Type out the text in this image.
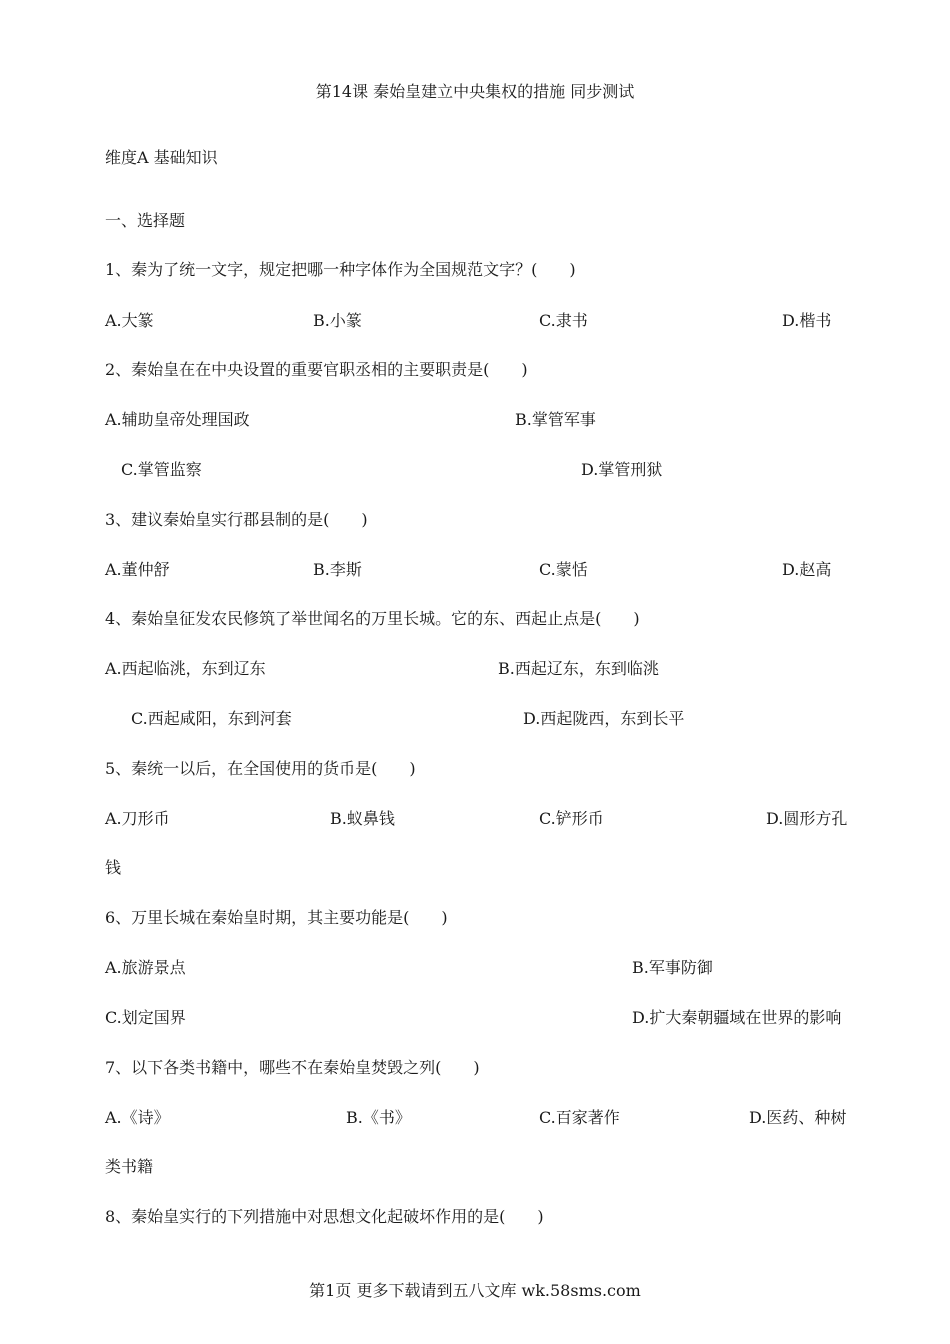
第14课 秦始皇建立中央集权的措施 同步测试
维度A 基础知识
一、选择题
1、秦为了统一文字，规定把哪一种字体作为全国规范文字？(　　)
A.大篆	B.小篆	C.隶书	D.楷书
2、秦始皇在在中央设置的重要官职丞相的主要职责是(　　)
A.辅助皇帝处理国政	B.掌管军事
C.掌管监察	D.掌管刑狱
3、建议秦始皇实行郡县制的是(　　)
A.董仲舒	B.李斯	C.蒙恬	D.赵高
4、秦始皇征发农民修筑了举世闻名的万里长城。它的东、西起止点是(　　)
A.西起临洮，东到辽东	B.西起辽东，东到临洮
C.西起咸阳，东到河套	D.西起陇西，东到长平
5、秦统一以后，在全国使用的货币是(　　)
A.刀形币	B.蚁鼻钱	C.铲形币	D.圆形方孔
钱
6、万里长城在秦始皇时期，其主要功能是(　　)
A.旅游景点	B.军事防御
C.划定国界	D.扩大秦朝疆域在世界的影响
7、以下各类书籍中，哪些不在秦始皇焚毁之列(　　)
A.《诗》	B.《书》	C.百家著作	D.医药、种树
类书籍
8、秦始皇实行的下列措施中对思想文化起破坏作用的是(　　)
第1页 更多下载请到五八文库 wk.58sms.com
